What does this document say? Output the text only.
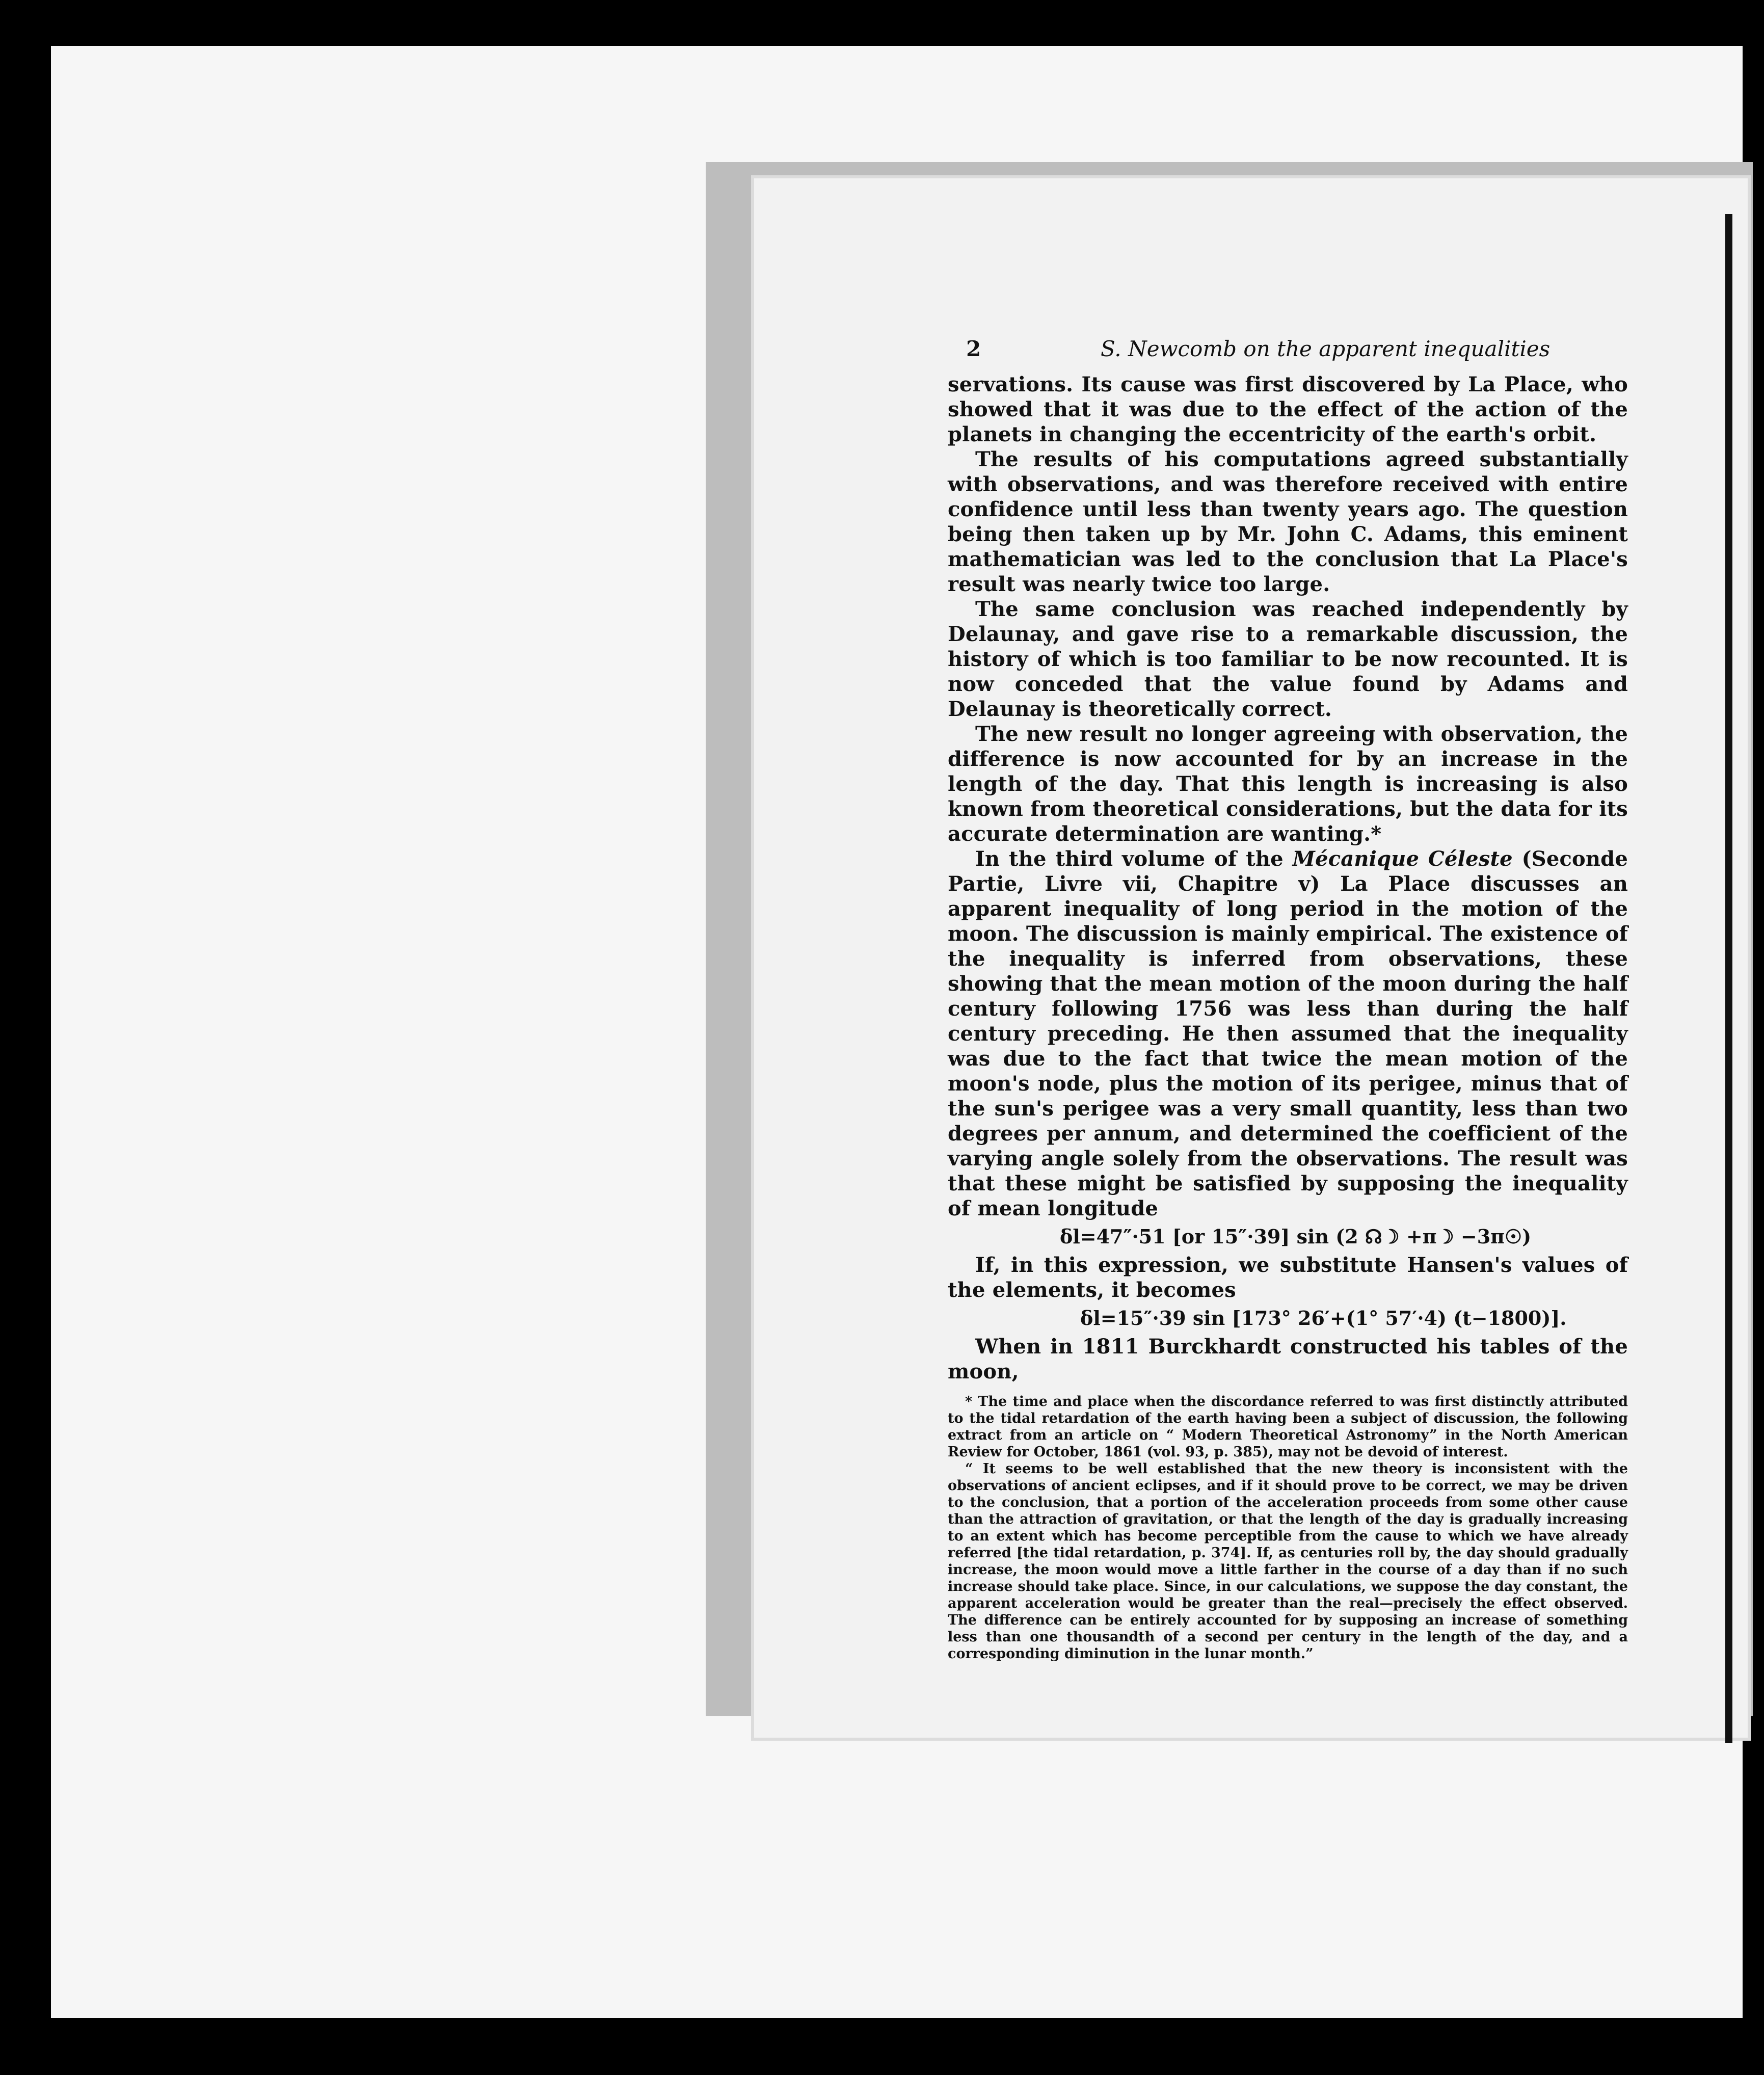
2	S. Newcomb on the apparent inequalities

servations. Its cause was first discovered by La Place, who showed that it was due to the effect of the action of the planets in changing the eccentricity of the earth's orbit.

The results of his computations agreed substantially with observations, and was therefore received with entire confidence until less than twenty years ago. The question being then taken up by Mr. John C. Adams, this eminent mathematician was led to the conclusion that La Place's result was nearly twice too large.

The same conclusion was reached independently by Delaunay, and gave rise to a remarkable discussion, the history of which is too familiar to be now recounted. It is now conceded that the value found by Adams and Delaunay is theoretically correct.

The new result no longer agreeing with observation, the difference is now accounted for by an increase in the length of the day. That this length is increasing is also known from theoretical considerations, but the data for its accurate determination are wanting.*

In the third volume of the Mécanique Céleste (Seconde Partie, Livre vii, Chapitre v) La Place discusses an apparent inequality of long period in the motion of the moon. The discussion is mainly empirical. The existence of the inequality is inferred from observations, these showing that the mean motion of the moon during the half century following 1756 was less than during the half century preceding. He then assumed that the inequality was due to the fact that twice the mean motion of the moon's node, plus the motion of its perigee, minus that of the sun's perigee was a very small quantity, less than two degrees per annum, and determined the coefficient of the varying angle solely from the observations. The result was that these might be satisfied by supposing the inequality of mean longitude

δl=47″·51 [or 15″·39] sin (2 ☊☽ +π☽ −3π☉)

If, in this expression, we substitute Hansen's values of the elements, it becomes

δl=15″·39 sin [173° 26′+(1° 57′·4) (t−1800)].

When in 1811 Burckhardt constructed his tables of the moon,

* The time and place when the discordance referred to was first distinctly attributed to the tidal retardation of the earth having been a subject of discussion, the following extract from an article on “ Modern Theoretical Astronomy” in the North American Review for October, 1861 (vol. 93, p. 385), may not be devoid of interest.

“ It seems to be well established that the new theory is inconsistent with the observations of ancient eclipses, and if it should prove to be correct, we may be driven to the conclusion, that a portion of the acceleration proceeds from some other cause than the attraction of gravitation, or that the length of the day is gradually increasing to an extent which has become perceptible from the cause to which we have already referred [the tidal retardation, p. 374]. If, as centuries roll by, the day should gradually increase, the moon would move a little farther in the course of a day than if no such increase should take place. Since, in our calculations, we suppose the day constant, the apparent acceleration would be greater than the real—precisely the effect observed. The difference can be entirely accounted for by supposing an increase of something less than one thousandth of a second per century in the length of the day, and a corresponding diminution in the lunar month.”
